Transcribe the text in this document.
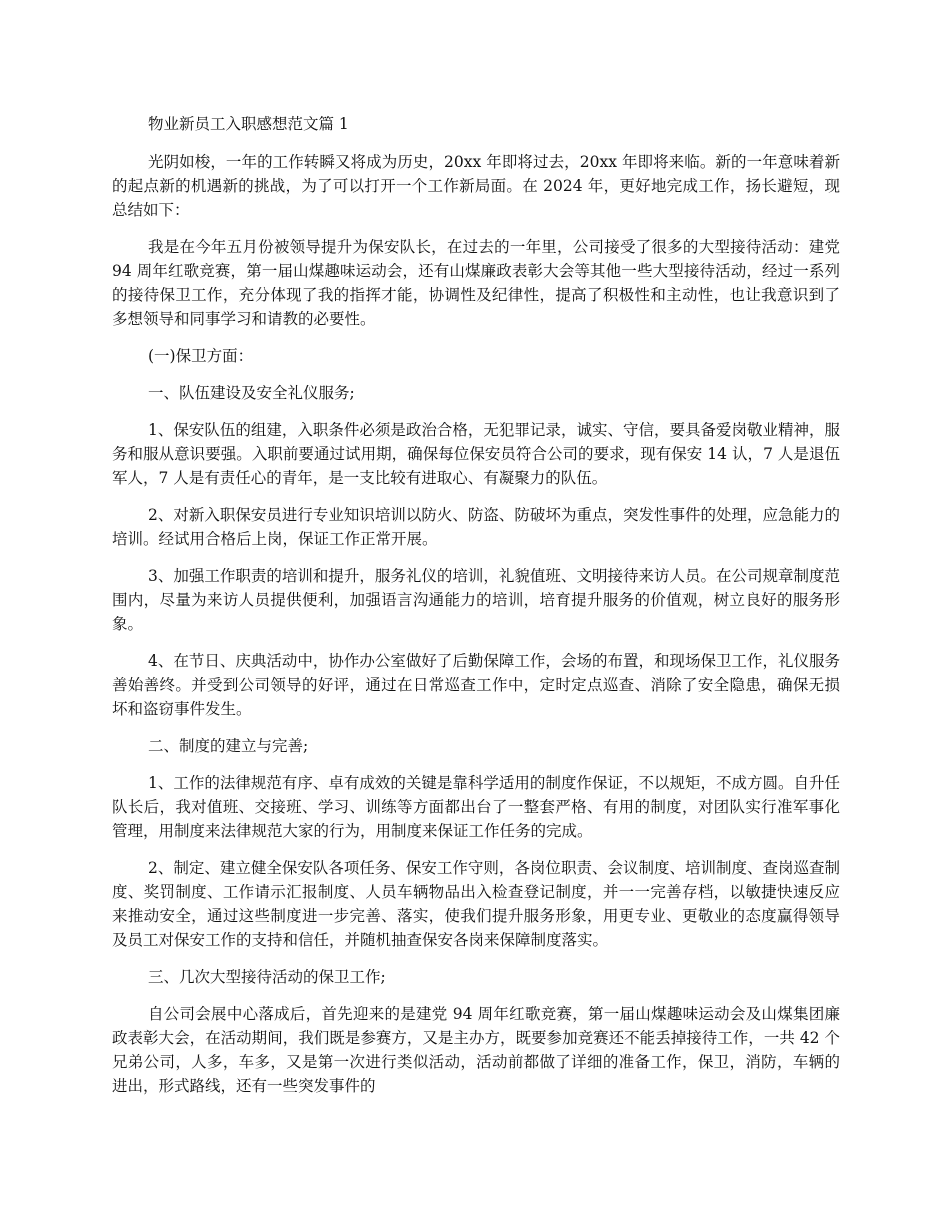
物业新员工入职感想范文篇 1

光阴如梭，一年的工作转瞬又将成为历史，20xx 年即将过去，20xx 年即将来临。新的一年意味着新的起点新的机遇新的挑战，为了可以打开一个工作新局面。在 2024 年，更好地完成工作，扬长避短，现总结如下：

我是在今年五月份被领导提升为保安队长，在过去的一年里，公司接受了很多的大型接待活动：建党 94 周年红歌竞赛，第一届山煤趣味运动会，还有山煤廉政表彰大会等其他一些大型接待活动，经过一系列的接待保卫工作，充分体现了我的指挥才能，协调性及纪律性，提高了积极性和主动性，也让我意识到了多想领导和同事学习和请教的必要性。

(一)保卫方面：
一、队伍建设及安全礼仪服务;

1、保安队伍的组建，入职条件必须是政治合格，无犯罪记录，诚实、守信，要具备爱岗敬业精神，服务和服从意识要强。入职前要通过试用期，确保每位保安员符合公司的要求，现有保安 14 认，7 人是退伍军人，7 人是有责任心的青年，是一支比较有进取心、有凝聚力的队伍。

2、对新入职保安员进行专业知识培训以防火、防盗、防破坏为重点，突发性事件的处理，应急能力的培训。经试用合格后上岗，保证工作正常开展。

3、加强工作职责的培训和提升，服务礼仪的培训，礼貌值班、文明接待来访人员。在公司规章制度范围内，尽量为来访人员提供便利，加强语言沟通能力的培训，培育提升服务的价值观，树立良好的服务形象。

4、在节日、庆典活动中，协作办公室做好了后勤保障工作，会场的布置，和现场保卫工作，礼仪服务善始善终。并受到公司领导的好评，通过在日常巡查工作中，定时定点巡查、消除了安全隐患，确保无损坏和盗窃事件发生。

二、制度的建立与完善;

1、工作的法律规范有序、卓有成效的关键是靠科学适用的制度作保证，不以规矩，不成方圆。自升任队长后，我对值班、交接班、学习、训练等方面都出台了一整套严格、有用的制度，对团队实行准军事化管理，用制度来法律规范大家的行为，用制度来保证工作任务的完成。

2、制定、建立健全保安队各项任务、保安工作守则，各岗位职责、会议制度、培训制度、查岗巡查制度、奖罚制度、工作请示汇报制度、人员车辆物品出入检查登记制度，并一一完善存档，以敏捷快速反应来推动安全，通过这些制度进一步完善、落实，使我们提升服务形象，用更专业、更敬业的态度赢得领导及员工对保安工作的支持和信任，并随机抽查保安各岗来保障制度落实。

三、几次大型接待活动的保卫工作;

自公司会展中心落成后，首先迎来的是建党 94 周年红歌竞赛，第一届山煤趣味运动会及山煤集团廉政表彰大会，在活动期间，我们既是参赛方，又是主办方，既要参加竞赛还不能丢掉接待工作，一共 42 个兄弟公司，人多，车多，又是第一次进行类似活动，活动前都做了详细的准备工作，保卫，消防，车辆的进出，形式路线，还有一些突发事件的
